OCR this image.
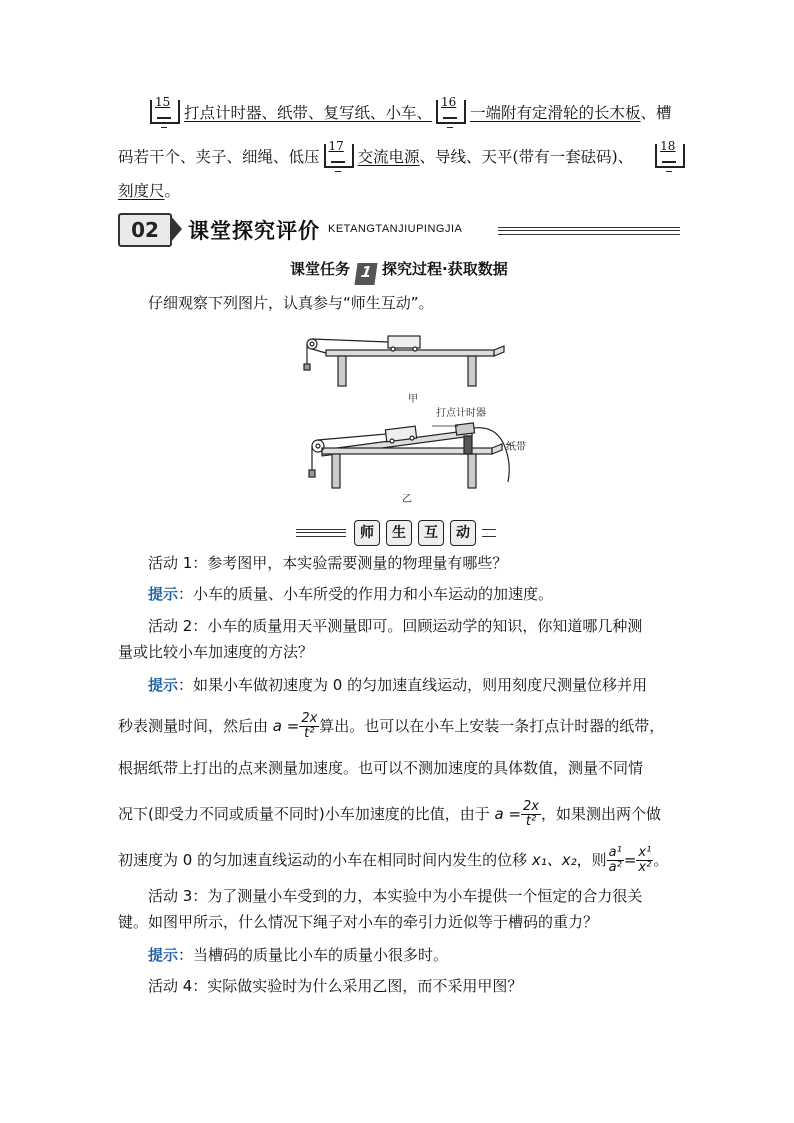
15
打点计时器、纸带、复写纸、小车、
16
一端附有定滑轮的长木板、槽
码若干个、夹子、细绳、低压
17
交流电源、导线、天平(带有一套砝码)、
18
刻度尺。
02	课堂探究评价 KETANGTANJIUPINGJIA
课堂任务 1 探究过程·获取数据
仔细观察下列图片，认真参与“师生互动”。
甲
打点计时器
纸带
乙
师	生	互	动
活动 1：参考图甲，本实验需要测量的物理量有哪些？
提示：小车的质量、小车所受的作用力和小车运动的加速度。
活动 2：小车的质量用天平测量即可。回顾运动学的知识，你知道哪几种测
量或比较小车加速度的方法？
提示：如果小车做初速度为 0 的匀加速直线运动，则用刻度尺测量位移并用
秒表测量时间，然后由 $a = \frac{2x}{\text{t²}}$ 算出。也可以在小车上安装一条打点计时器的纸带，
根据纸带上打出的点来测量加速度。也可以不测加速度的具体数值，测量不同情
况下(即受力不同或质量不同时)小车加速度的比值，由于 $a = \frac{2x}{\text{t²}}$ ，如果测出两个做
初速度为 0 的匀加速直线运动的小车在相同时间内发生的位移 x₁、x₂，则 $\frac{\text{a¹}}{\text{a²}} = \frac{\text{x¹}}{\text{x²}}$ 。
活动 3：为了测量小车受到的力，本实验中为小车提供一个恒定的合力很关
键。如图甲所示，什么情况下绳子对小车的牵引力近似等于槽码的重力？
提示：当槽码的质量比小车的质量小很多时。
活动 4：实际做实验时为什么采用乙图，而不采用甲图？
